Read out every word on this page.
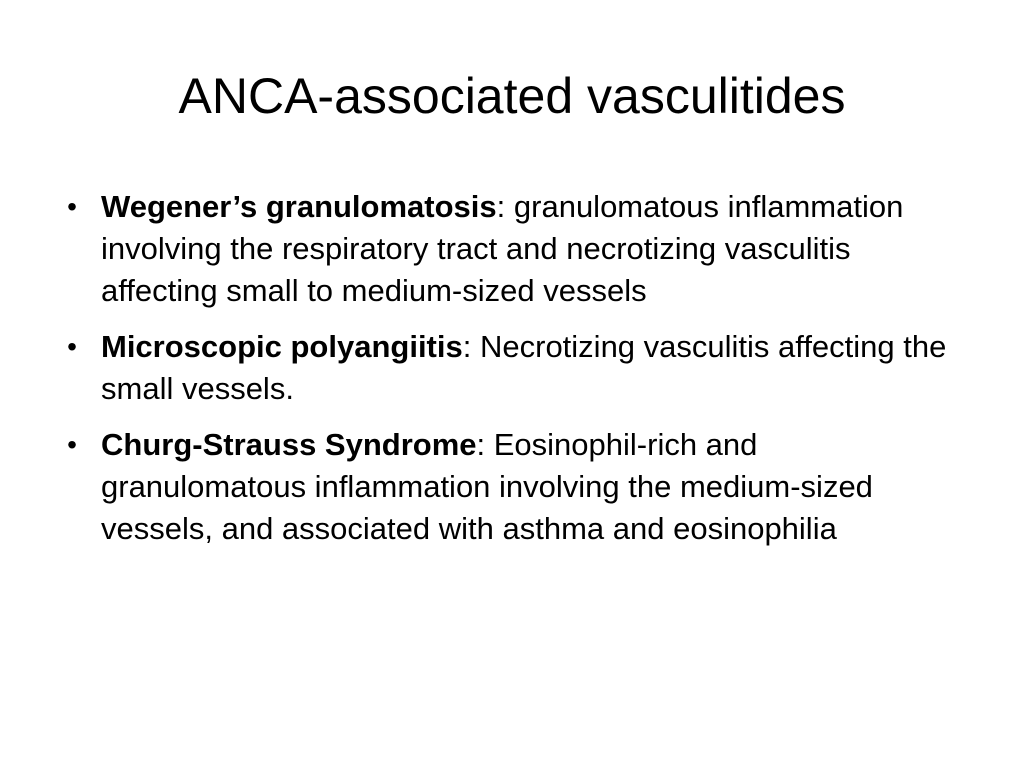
ANCA-associated vasculitides
• Wegener’s granulomatosis: granulomatous inflammation involving the respiratory tract and necrotizing vasculitis affecting small to medium-sized vessels
• Microscopic polyangiitis: Necrotizing vasculitis affecting the small vessels.
• Churg-Strauss Syndrome: Eosinophil-rich and granulomatous inflammation involving the medium-sized vessels, and associated with asthma and eosinophilia
